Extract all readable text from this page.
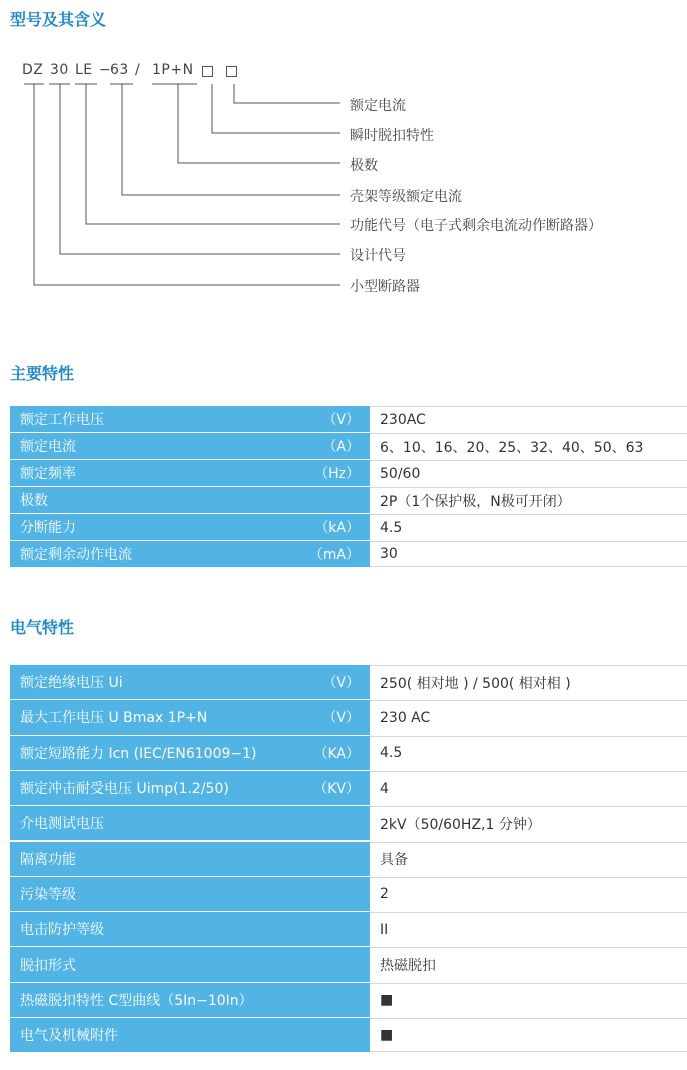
型号及其含义

DZ

30

LE

−

63

/

1P+N

额定电流
瞬时脱扣特性
极数
壳架等级额定电流
功能代号（电子式剩余电流动作断路器）
设计代号
小型断路器
主要特性
额定工作电压	（V）	230AC
额定电流	（A）	6、10、16、20、25、32、40、50、63
额定频率	（Hz）	50/60
极数	2P（1个保护极，N极可开闭）
分断能力	（kA）	4.5
额定剩余动作电流	（mA）	30
电气特性
额定绝缘电压 Ui	（V）	250( 相对地 ) / 500( 相对相 )
最大工作电压 U Bmax 1P+N	（V）	230 AC
额定短路能力 Icn (IEC/EN61009−1)	（KA）	4.5
额定冲击耐受电压 Uimp(1.2/50)	（KV）	4
介电测试电压	2kV（50/60HZ,1 分钟）
隔离功能	具备
污染等级	2
电击防护等级	II
脱扣形式	热磁脱扣
热磁脱扣特性 C型曲线（5In−10In）	■
电气及机械附件	■
